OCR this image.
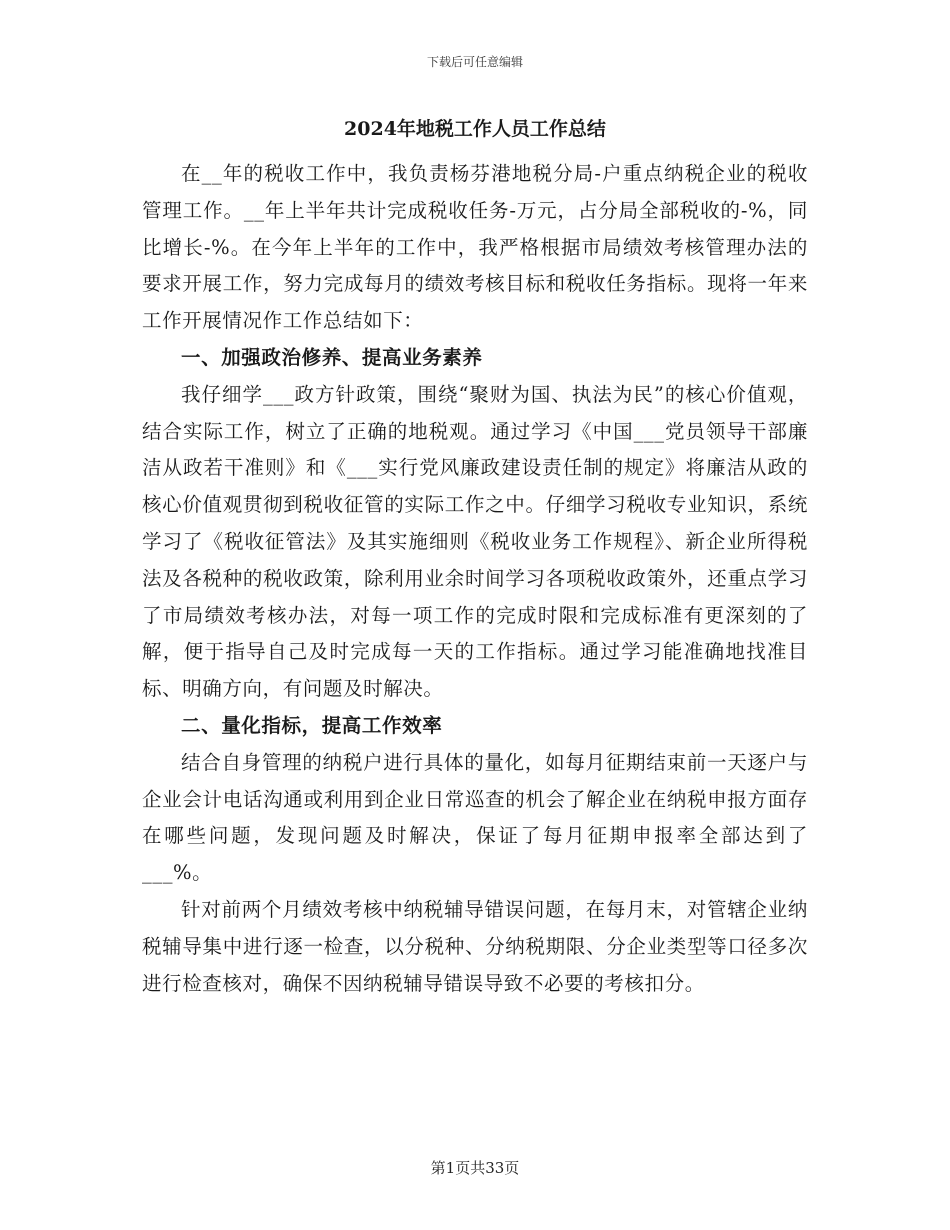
下载后可任意编辑
2024年地税工作人员工作总结

在__年的税收工作中，我负责杨芬港地税分局-户重点纳税企业的税收管理工作。__年上半年共计完成税收任务-万元，占分局全部税收的-%，同比增长-%。在今年上半年的工作中，我严格根据市局绩效考核管理办法的要求开展工作，努力完成每月的绩效考核目标和税收任务指标。现将一年来工作开展情况作工作总结如下：

一、加强政治修养、提高业务素养

我仔细学___政方针政策，围绕“聚财为国、执法为民”的核心价值观，结合实际工作，树立了正确的地税观。通过学习《中国___党员领导干部廉洁从政若干准则》和《___实行党风廉政建设责任制的规定》将廉洁从政的核心价值观贯彻到税收征管的实际工作之中。仔细学习税收专业知识，系统学习了《税收征管法》及其实施细则《税收业务工作规程》、新企业所得税法及各税种的税收政策，除利用业余时间学习各项税收政策外，还重点学习了市局绩效考核办法，对每一项工作的完成时限和完成标准有更深刻的了解，便于指导自己及时完成每一天的工作指标。通过学习能准确地找准目标、明确方向，有问题及时解决。

二、量化指标，提高工作效率

结合自身管理的纳税户进行具体的量化，如每月征期结束前一天逐户与企业会计电话沟通或利用到企业日常巡查的机会了解企业在纳税申报方面存在哪些问题，发现问题及时解决，保证了每月征期申报率全部达到了___%。

针对前两个月绩效考核中纳税辅导错误问题，在每月末，对管辖企业纳税辅导集中进行逐一检查，以分税种、分纳税期限、分企业类型等口径多次进行检查核对，确保不因纳税辅导错误导致不必要的考核扣分。

第1页共33页
